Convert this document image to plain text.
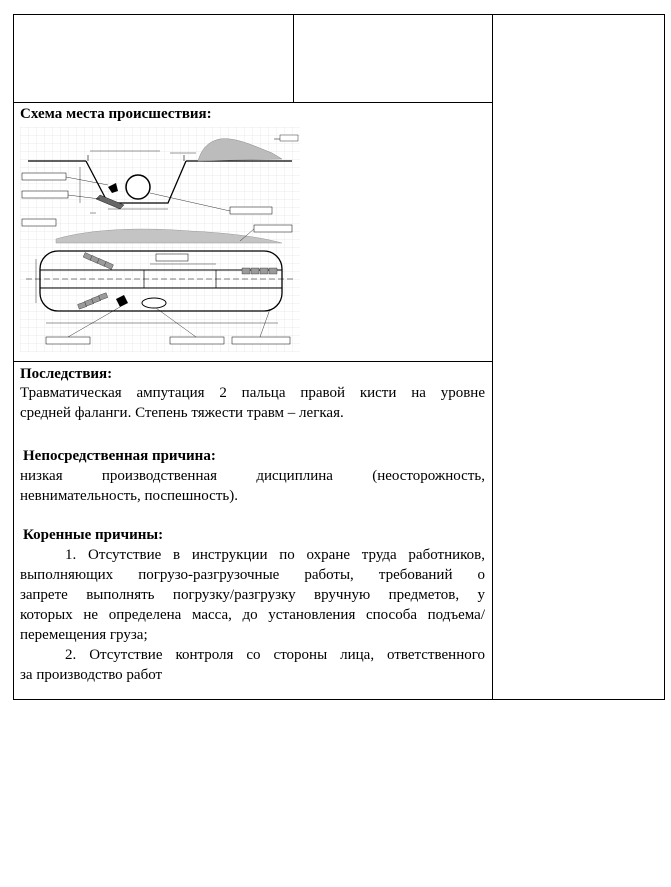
Схема места происшествия:
Последствия:
Травматическая ампутация 2 пальца правой кисти на уровне
средней фаланги. Степень тяжести травм – легкая.
Непосредственная причина:
низкая производственная дисциплина (неосторожность,
невнимательность, поспешность).
Коренные причины:
1. Отсутствие в инструкции по охране труда работников,
выполняющих погрузо-разгрузочные работы, требований о
запрете выполнять погрузку/разгрузку вручную предметов, у
которых не определена масса, до установления способа подъема/
перемещения груза;
2. Отсутствие контроля со стороны лица, ответственного
за производство работ
